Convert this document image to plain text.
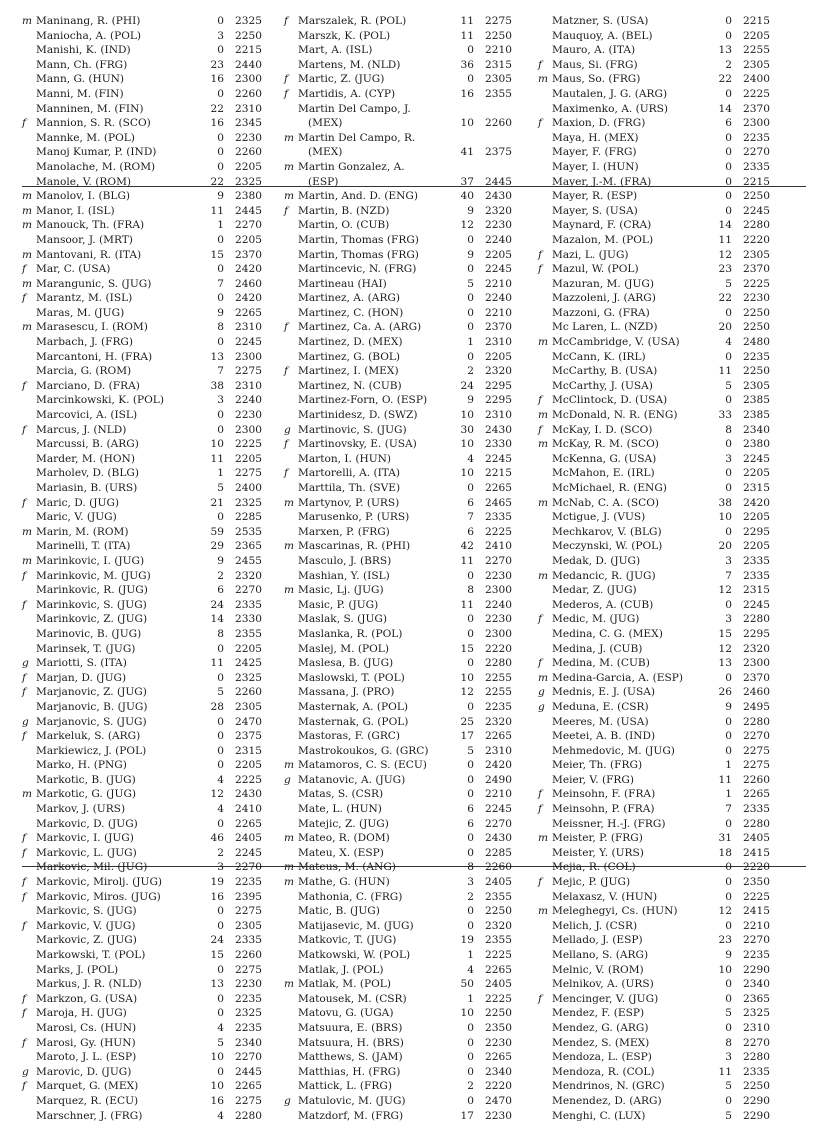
m Maninang, R. (PHI)	0	2325
Maniocha, A. (POL)	3	2250
Manishi, K. (IND)	0	2215
Mann, Ch. (FRG)	23	2440
Mann, G. (HUN)	16	2300
Manni, M. (FIN)	0	2260
Manninen, M. (FIN)	22	2310
f Mannion, S. R. (SCO)	16	2345
Mannke, M. (POL)	0	2230
Manoj Kumar, P. (IND)	0	2260
Manolache, M. (ROM)	0	2205
Manole, V. (ROM)	22	2325
m Manolov, I. (BLG)	9	2380
m Manor, I. (ISL)	11	2445
m Manouck, Th. (FRA)	1	2270
Mansoor, J. (MRT)	0	2205
m Mantovani, R. (ITA)	15	2370
f Mar, C. (USA)	0	2420
m Marangunic, S. (JUG)	7	2460
f Marantz, M. (ISL)	0	2420
Maras, M. (JUG)	9	2265
m Marasescu, I. (ROM)	8	2310
Marbach, J. (FRG)	0	2245
Marcantoni, H. (FRA)	13	2300
Marcia, G. (ROM)	7	2275
f Marciano, D. (FRA)	38	2310
Marcinkowski, K. (POL)	3	2240
Marcovici, A. (ISL)	0	2230
f Marcus, J. (NLD)	0	2300
Marcussi, B. (ARG)	10	2225
Marder, M. (HON)	11	2205
Marholev, D. (BLG)	1	2275
Mariasin, B. (URS)	5	2400
f Maric, D. (JUG)	21	2325
Maric, V. (JUG)	0	2285
m Marin, M. (ROM)	59	2535
Marinelli, T. (ITA)	29	2365
m Marinkovic, I. (JUG)	9	2455
f Marinkovic, M. (JUG)	2	2320
Marinkovic, R. (JUG)	6	2270
f Marinkovic, S. (JUG)	24	2335
Marinkovic, Z. (JUG)	14	2330
Marinovic, B. (JUG)	8	2355
Marinsek, T. (JUG)	0	2205
g Mariotti, S. (ITA)	11	2425
f Marjan, D. (JUG)	0	2325
f Marjanovic, Z. (JUG)	5	2260
Marjanovic, B. (JUG)	28	2305
g Marjanovic, S. (JUG)	0	2470
f Markeluk, S. (ARG)	0	2375
Markiewicz, J. (POL)	0	2315
Marko, H. (PNG)	0	2205
Markotic, B. (JUG)	4	2225
m Markotic, G. (JUG)	12	2430
Markov, J. (URS)	4	2410
Markovic, D. (JUG)	0	2265
f Markovic, I. (JUG)	46	2405
f Markovic, L. (JUG)	2	2245
Markovic, Mil. (JUG)	3	2270
f Markovic, Mirolj. (JUG)	19	2235
f Markovic, Miros. (JUG)	16	2395
Markovic, S. (JUG)	0	2275
f Markovic, V. (JUG)	0	2305
Markovic, Z. (JUG)	24	2335
Markowski, T. (POL)	15	2260
Marks, J. (POL)	0	2275
Markus, J. R. (NLD)	13	2230
f Markzon, G. (USA)	0	2235
f Maroja, H. (JUG)	0	2325
Marosi, Cs. (HUN)	4	2235
f Marosi, Gy. (HUN)	5	2340
Maroto, J. L. (ESP)	10	2270
g Marovic, D. (JUG)	0	2445
f Marquet, G. (MEX)	10	2265
Marquez, R. (ECU)	16	2275
Marschner, J. (FRG)	4	2280
f Marszalek, R. (POL)	11	2275
Marszk, K. (POL)	11	2250
Mart, A. (ISL)	0	2210
Martens, M. (NLD)	36	2315
f Martic, Z. (JUG)	0	2305
f Martidis, A. (CYP)	16	2355
Martin Del Campo, J.
(MEX)	10	2260
m Martin Del Campo, R.
(MEX)	41	2375
m Martin Gonzalez, A.
(ESP)	37	2445
m Martin, And. D. (ENG)	40	2430
f Martin, B. (NZD)	9	2320
Martin, O. (CUB)	12	2230
Martin, Thomas (FRG)	0	2240
Martin, Thomas (FRG)	9	2205
Martincevic, N. (FRG)	0	2245
Martineau (HAI)	5	2210
Martinez, A. (ARG)	0	2240
Martinez, C. (HON)	0	2210
f Martinez, Ca. A. (ARG)	0	2370
Martinez, D. (MEX)	1	2310
Martinez, G. (BOL)	0	2205
f Martinez, I. (MEX)	2	2320
Martinez, N. (CUB)	24	2295
Martinez-Forn, O. (ESP)	9	2295
Martinidesz, D. (SWZ)	10	2310
g Martinovic, S. (JUG)	30	2430
f Martinovsky, E. (USA)	10	2330
Marton, I. (HUN)	4	2245
f Martorelli, A. (ITA)	10	2215
Marttila, Th. (SVE)	0	2265
m Martynov, P. (URS)	6	2465
Marusenko, P. (URS)	7	2335
Marxen, P. (FRG)	6	2225
m Mascarinas, R. (PHI)	42	2410
Masculo, J. (BRS)	11	2270
Mashian, Y. (ISL)	0	2230
m Masic, Lj. (JUG)	8	2300
Masic, P. (JUG)	11	2240
Maslak, S. (JUG)	0	2230
Maslanka, R. (POL)	0	2300
Maslej, M. (POL)	15	2220
Maslesa, B. (JUG)	0	2280
Maslowski, T. (POL)	10	2255
Massana, J. (PRO)	12	2255
Masternak, A. (POL)	0	2235
Masternak, G. (POL)	25	2320
Mastoras, F. (GRC)	17	2265
Mastrokoukos, G. (GRC)	5	2310
m Matamoros, C. S. (ECU)	0	2420
g Matanovic, A. (JUG)	0	2490
Matas, S. (CSR)	0	2210
Mate, L. (HUN)	6	2245
Matejic, Z. (JUG)	6	2270
m Mateo, R. (DOM)	0	2430
Mateu, X. (ESP)	0	2285
m Mateus, M. (ANG)	8	2260
m Mathe, G. (HUN)	3	2405
Mathonia, C. (FRG)	2	2355
Matic, B. (JUG)	0	2250
Matijasevic, M. (JUG)	0	2320
Matkovic, T. (JUG)	19	2355
Matkowski, W. (POL)	1	2225
Matlak, J. (POL)	4	2265
m Matlak, M. (POL)	50	2405
Matousek, M. (CSR)	1	2225
Matovu, G. (UGA)	10	2250
Matsuura, E. (BRS)	0	2350
Matsuura, H. (BRS)	0	2230
Matthews, S. (JAM)	0	2265
Matthias, H. (FRG)	0	2340
Mattick, L. (FRG)	2	2220
g Matulovic, M. (JUG)	0	2470
Matzdorf, M. (FRG)	17	2230
Matzner, S. (USA)	0	2215
Mauquoy, A. (BEL)	0	2205
Mauro, A. (ITA)	13	2255
f Maus, Si. (FRG)	2	2305
m Maus, So. (FRG)	22	2400
Mautalen, J. G. (ARG)	0	2225
Maximenko, A. (URS)	14	2370
f Maxion, D. (FRG)	6	2300
Maya, H. (MEX)	0	2235
Mayer, F. (FRG)	0	2270
Mayer, I. (HUN)	0	2335
Mayer, J.-M. (FRA)	0	2215
Mayer, R. (ESP)	0	2250
Mayer, S. (USA)	0	2245
Maynard, F. (CRA)	14	2280
Mazalon, M. (POL)	11	2220
f Mazi, L. (JUG)	12	2305
f Mazul, W. (POL)	23	2370
Mazuran, M. (JUG)	5	2225
Mazzoleni, J. (ARG)	22	2230
Mazzoni, G. (FRA)	0	2250
Mc Laren, L. (NZD)	20	2250
m McCambridge, V. (USA)	4	2480
McCann, K. (IRL)	0	2235
McCarthy, B. (USA)	11	2250
McCarthy, J. (USA)	5	2305
f McClintock, D. (USA)	0	2385
m McDonald, N. R. (ENG)	33	2385
f McKay, I. D. (SCO)	8	2340
m McKay, R. M. (SCO)	0	2380
McKenna, G. (USA)	3	2245
McMahon, E. (IRL)	0	2205
McMichael, R. (ENG)	0	2315
m McNab, C. A. (SCO)	38	2420
Mctigue, J. (VUS)	10	2205
Mechkarov, V. (BLG)	0	2295
Meczynski, W. (POL)	20	2205
Medak, D. (JUG)	3	2335
m Medancic, R. (JUG)	7	2335
Medar, Z. (JUG)	12	2315
Mederos, A. (CUB)	0	2245
f Medic, M. (JUG)	3	2280
Medina, C. G. (MEX)	15	2295
Medina, J. (CUB)	12	2320
f Medina, M. (CUB)	13	2300
m Medina-Garcia, A. (ESP)	0	2370
g Mednis, E. J. (USA)	26	2460
g Meduna, E. (CSR)	9	2495
Meeres, M. (USA)	0	2280
Meetei, A. B. (IND)	0	2270
Mehmedovic, M. (JUG)	0	2275
Meier, Th. (FRG)	1	2275
Meier, V. (FRG)	11	2260
f Meinsohn, F. (FRA)	1	2265
f Meinsohn, P. (FRA)	7	2335
Meissner, H.-J. (FRG)	0	2280
m Meister, P. (FRG)	31	2405
Meister, Y. (URS)	18	2415
Mejia, R. (COL)	0	2220
f Mejic, P. (JUG)	0	2350
Melaxasz, V. (HUN)	0	2225
m Meleghegyi, Cs. (HUN)	12	2415
Melich, J. (CSR)	0	2210
Mellado, J. (ESP)	23	2270
Mellano, S. (ARG)	9	2235
Melnic, V. (ROM)	10	2290
Melnikov, A. (URS)	0	2340
f Mencinger, V. (JUG)	0	2365
Mendez, F. (ESP)	5	2325
Mendez, G. (ARG)	0	2310
Mendez, S. (MEX)	8	2270
Mendoza, L. (ESP)	3	2280
Mendoza, R. (COL)	11	2335
Mendrinos, N. (GRC)	5	2250
Menendez, D. (ARG)	0	2290
Menghi, C. (LUX)	5	2290
